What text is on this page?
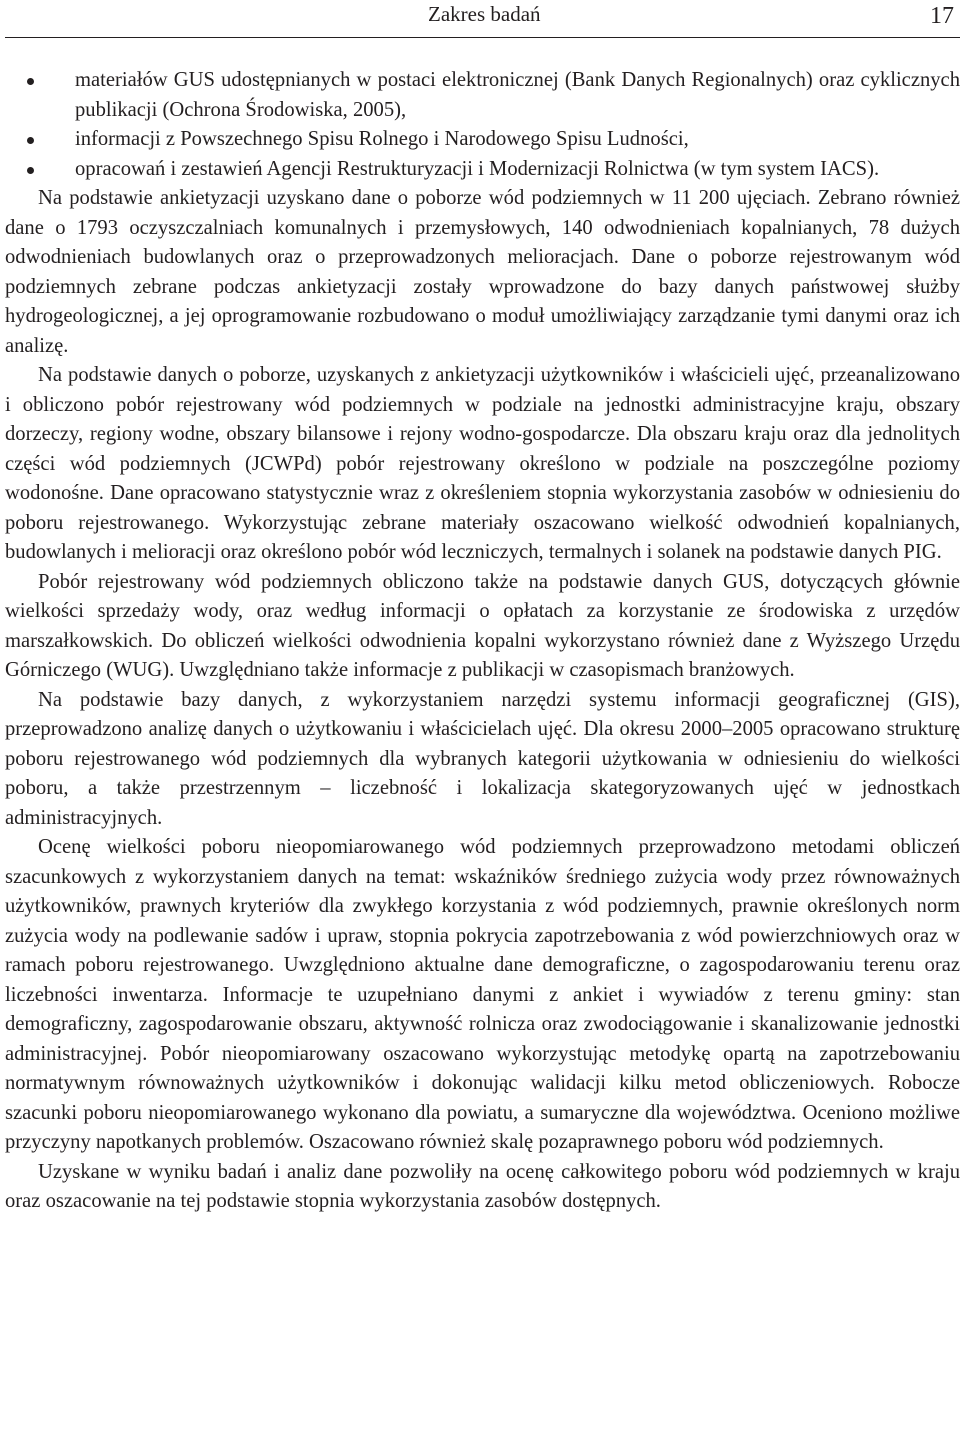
Zakres badań	17
materiałów GUS udostępnianych w postaci elektronicznej (Bank Danych Regionalnych) oraz cyklicznych publikacji (Ochrona Środowiska, 2005),
informacji z Powszechnego Spisu Rolnego i Narodowego Spisu Ludności,
opracowań i zestawień Agencji Restrukturyzacji i Modernizacji Rolnictwa (w tym system IACS).

Na podstawie ankietyzacji uzyskano dane o poborze wód podziemnych w 11 200 ujęciach. Zebrano również dane o 1793 oczyszczalniach komunalnych i przemysłowych, 140 odwodnieniach kopalnianych, 78 dużych odwodnieniach budowlanych oraz o przeprowadzonych melioracjach. Dane o poborze rejestrowanym wód podziemnych zebrane podczas ankietyzacji zostały wprowadzone do bazy danych państwowej służby hydrogeologicznej, a jej oprogramowanie rozbudowano o moduł umożliwiający zarządzanie tymi danymi oraz ich analizę.

Na podstawie danych o poborze, uzyskanych z ankietyzacji użytkowników i właścicieli ujęć, przeanalizowano i obliczono pobór rejestrowany wód podziemnych w podziale na jednostki administracyjne kraju, obszary dorzeczy, regiony wodne, obszary bilansowe i rejony wodno-gospodarcze. Dla obszaru kraju oraz dla jednolitych części wód podziemnych (JCWPd) pobór rejestrowany określono w podziale na poszczególne poziomy wodonośne. Dane opracowano statystycznie wraz z określeniem stopnia wykorzystania zasobów w odniesieniu do poboru rejestrowanego. Wykorzystując zebrane materiały oszacowano wielkość odwodnień kopalnianych, budowlanych i melioracji oraz określono pobór wód leczniczych, termalnych i solanek na podstawie danych PIG.

Pobór rejestrowany wód podziemnych obliczono także na podstawie danych GUS, dotyczących głównie wielkości sprzedaży wody, oraz według informacji o opłatach za korzystanie ze środowiska z urzędów marszałkowskich. Do obliczeń wielkości odwodnienia kopalni wykorzystano również dane z Wyższego Urzędu Górniczego (WUG). Uwzględniano także informacje z publikacji w czasopismach branżowych.

Na podstawie bazy danych, z wykorzystaniem narzędzi systemu informacji geograficznej (GIS), przeprowadzono analizę danych o użytkowaniu i właścicielach ujęć. Dla okresu 2000–2005 opracowano strukturę poboru rejestrowanego wód podziemnych dla wybranych kategorii użytkowania w odniesieniu do wielkości poboru, a także przestrzennym – liczebność i lokalizacja skategoryzowanych ujęć w jednostkach administracyjnych.

Ocenę wielkości poboru nieopomiarowanego wód podziemnych przeprowadzono metodami obliczeń szacunkowych z wykorzystaniem danych na temat: wskaźników średniego zużycia wody przez równoważnych użytkowników, prawnych kryteriów dla zwykłego korzystania z wód podziemnych, prawnie określonych norm zużycia wody na podlewanie sadów i upraw, stopnia pokrycia zapotrzebowania z wód powierzchniowych oraz w ramach poboru rejestrowanego. Uwzględniono aktualne dane demograficzne, o zagospodarowaniu terenu oraz liczebności inwentarza. Informacje te uzupełniano danymi z ankiet i wywiadów z terenu gminy: stan demograficzny, zagospodarowanie obszaru, aktywność rolnicza oraz zwodociągowanie i skanalizowanie jednostki administracyjnej. Pobór nieopomiarowany oszacowano wykorzystując metodykę opartą na zapotrzebowaniu normatywnym równoważnych użytkowników i dokonując walidacji kilku metod obliczeniowych. Robocze szacunki poboru nieopomiarowanego wykonano dla powiatu, a sumaryczne dla województwa. Oceniono możliwe przyczyny napotkanych problemów. Oszacowano również skalę pozaprawnego poboru wód podziemnych.

Uzyskane w wyniku badań i analiz dane pozwoliły na ocenę całkowitego poboru wód podziemnych w kraju oraz oszacowanie na tej podstawie stopnia wykorzystania zasobów dostępnych.
